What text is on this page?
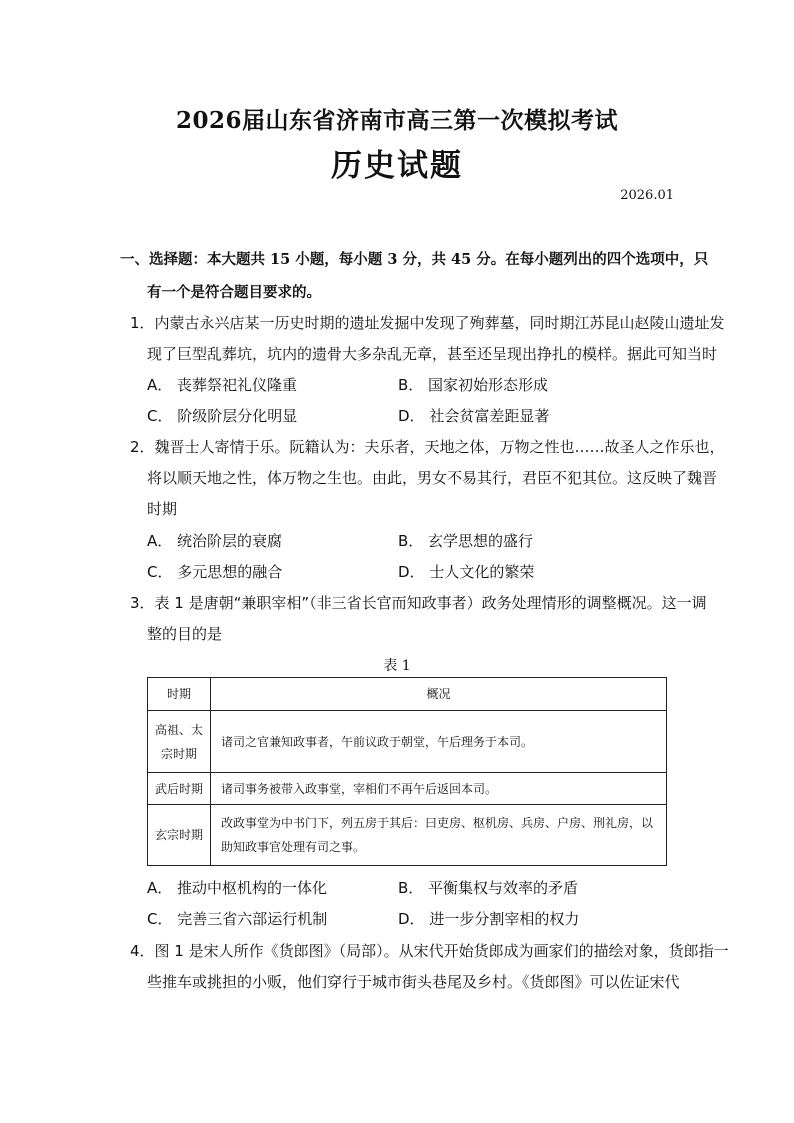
2026届山东省济南市高三第一次模拟考试
历史试题
2026.01
一、选择题：本大题共 15 小题，每小题 3 分，共 45 分。在每小题列出的四个选项中，只
有一个是符合题目要求的。
1．内蒙古永兴店某一历史时期的遗址发掘中发现了殉葬墓，同时期江苏昆山赵陵山遗址发
现了巨型乱葬坑，坑内的遗骨大多杂乱无章，甚至还呈现出挣扎的模样。据此可知当时
A． 丧葬祭祀礼仪隆重	B． 国家初始形态形成
C． 阶级阶层分化明显	D． 社会贫富差距显著
2．魏晋士人寄情于乐。阮籍认为：夫乐者，天地之体，万物之性也……故圣人之作乐也，
将以顺天地之性，体万物之生也。由此，男女不易其行，君臣不犯其位。这反映了魏晋
时期
A． 统治阶层的衰腐	B． 玄学思想的盛行
C． 多元思想的融合	D． 士人文化的繁荣
3．表 1 是唐朝“兼职宰相”（非三省长官而知政事者）政务处理情形的调整概况。这一调
整的目的是
表 1
时期	概况
高祖、太宗时期	诸司之官兼知政事者，午前议政于朝堂，午后理务于本司。
武后时期	诸司事务被带入政事堂，宰相们不再午后返回本司。
玄宗时期	改政事堂为中书门下，列五房于其后：曰吏房、枢机房、兵房、户房、刑礼房，以助知政事官处理有司之事。
A． 推动中枢机构的一体化	B． 平衡集权与效率的矛盾
C． 完善三省六部运行机制	D． 进一步分割宰相的权力
4．图 1 是宋人所作《货郎图》（局部）。从宋代开始货郎成为画家们的描绘对象，货郎指一
些推车或挑担的小贩，他们穿行于城市街头巷尾及乡村。《货郎图》可以佐证宋代
